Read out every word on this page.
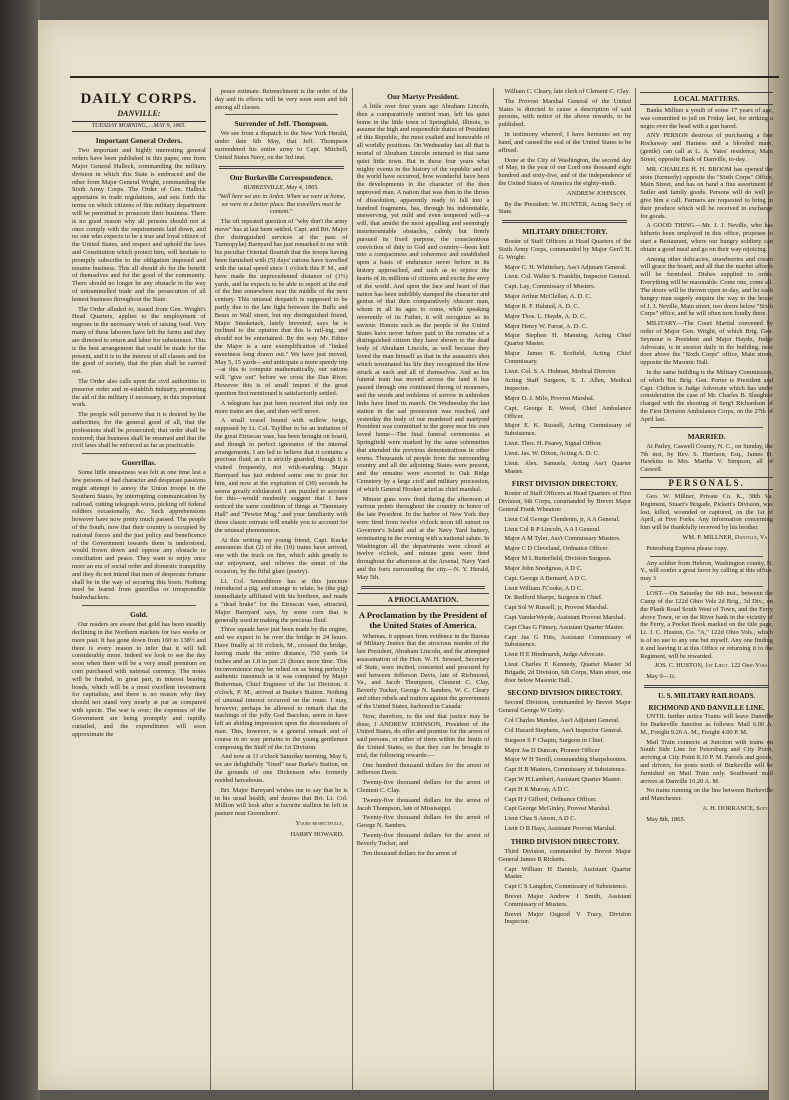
DAILY CORPS.
DANVILLE:
TUESDAY MORNING,....MAY 9, 1865.
Important General Orders.

Two important and highly interesting general orders have been published in this paper, one from Major General Halleck, commanding the military division in which this State is embraced and the other from Major General Wright, commanding the Sixth Army Corps. The Order of Gen. Halleck appertains to trade regulations, and sets forth the terms on which citizens of this military department will be permitted to prosecute their business. There is no good reason why all persons should not at once comply with the requirements laid down, and no one who expects to be a true and loyal citizen of the United States, and respect and uphold the laws and Constitution which protect him, will hesitate to promptly subscribe to the obligation imposed and resume business. This all should do for the benefit of themselves and for the good of the community. There should no longer be any obstacle in the way of untrammelled trade and the prosecution of all honest business throughout the State.

The Order alluded to, issued from Gen. Wright's Head Quarters, applies to the employment of negroes in the necessary work of raising food. Very many of these laborers have left the farms and they are directed to return and labor for subsistence. This is the best arrangement that could be made for the present, and it is to the interest of all classes and for the good of society, that the plan shall be carried out.

The Order also calls upon the civil authorities to preserve order and re-establish industry, promising the aid of the military if necessary, in this important work.

The people will perceive that it is desired by the authorities, for the general good of all, that the professions shall be prosecuted; that order shall be restored; that business shall be resumed and that the civil laws shall be enforced as far as practicable.

Guerrillas.

Some little uneasiness was felt at one time lest a few persons of bad character and desperate passions might attempt to annoy the Union troops in the Southern States, by interrupting communication by railroad, cutting telegraph wires, picking off federal soldiers occasionally, &c. Such apprehensions however have now pretty much passed. The people of the South, now that their country is occupied by national forces and the just policy and beneficence of the Government towards them is understood, would frown down and oppose any obstacle to conciliation and peace. They want to enjoy once more an era of social order and domestic tranquility and they do not intend that men of desperate fortune shall be in the way of securing this boon. Nothing need be feared from guerrillas or irresponsible bushwhackers.

Gold.

Our readers are aware that gold has been steadily declining in the Northern markets for two weeks or more past. It has gone down from 160 to 138½ and there is every reason to infer that it will fall considerably more. Indeed we look to see the day soon when there will be a very small premium on coin purchased with national currency. The notes will be funded, in great part, in interest bearing bonds, which will be a most excellent investment for capitalists, and there is no reason why they should not stand very nearly at par as compared with specie. The war is over; the expenses of the Government are being promptly and rapidly curtailed, and the expenditures will soon approximate the

peace estimate. Retrenchment is the order of the day and its effects will be very soon seen and felt among all classes.

Surrender of Jeff. Thompson.

We see from a dispatch to the New York Herald, under date 6th May, that Jeff. Thompson surrendered his entire army to Capt. Mitchell, United States Navy, on the 3rd inst.

Our Burkeville Correspondence.
BURKESVILLE, May 4, 1865.
"Well here we are in Arden. When we were at home, we were in a better place. But travellers must be content."

The oft repeated question of "why don't the army move" has at last been settled. Capt. and Brt. Major (for distinguished services at the pass of Turmopylæ) Barnyard has just remarked to me with his peculiar Oriental flourish that the troops having been furnished with (5) days' rations have travelled with the usual speed since 1 o'clock this P. M., and have made the unprecedented distance of (1½) yards, and he expects to be able to report at the end of the line somewhere near the middle of the next century. This unusual despatch is supposed to be partly due to the late fight between the Bulls and Bears in Wall street, but my distinguished friend, Major Smoketack, lately breveted, says he is inclined to the opinion that this is rail-ing, and should not be entertained. By the way Mr. Editor the Major is a rare exemplification of "linked sweetness long drawn out." We have just moved, May 5, 15 yards—and anticipate a more speedy trip—at this to compute mathematically, our rations will "give out" before we cross the Dan River. However this is of small import if the great question first mentioned is satisfactorily settled.

A telegram has just been received that only ten more trains are due, and then we'll move.

A small vessel bound with willow twigs, supposed by Lt. Col. Tayliber to be an imitation of the great Etruscan vase, has been brought on board, and though in perfect ignorance of the internal arrangements, I am led to believe that it contains a precious fluid, as it is strictly guarded, though it is visited frequently, not with-standing. Major Barnyard has just ordered some one to pour for him, and now at the expiration of (30) seconds he seems greatly exhilarated. I am puzzled to account for this—would modestly suggest that I have noticed the same condition of things at "Tammany Hall" and "Pewter Mug," and your familiarity with those classic retreats will enable you to account for the unusual phenomenon.

At this writing my young friend, Capt. Kucke announces that (2) of the (10) trains have arrived, one with the truck on fire, which adds greatly to our enjoyment, and relieves the ennui of the occasion, by the fitful glare (poetry).

Lt. Col. Smoothbore has at this juncture introduced a pig, and strange to relate, he (the pig) immediately affiliated with his brethren, and made a "dead brake" for the Etruscan vase, attracted, Major Barnyard says, by some corn that is generally used in making the precious fluid.

Three squads have just been made by the engine, and we expect to be over the bridge in 24 hours. Have finally at 10 o'clock, M., crossed the bridge, having made the entire distance, 750 yards 14 inches and an 1.8 in just 21 (hours more time. This inconvenience may be relied on as being perfectly authentic inasmuch as it was computed by Major Butterman, Chief Engineer of the 1st Division. 6 o'clock, P. M., arrived at Burke's Station. Nothing of unusual interest occurred on the route. I may, however, perhaps be allowed to remark that the teachings of the jolly God Bacchus, seem to have left an abiding impression upon the descendants of man. This, however, is a general remark and of course in no way pertains to the young gentlemen composing the Staff of the 1st Division.

And now at 11 o'clock Saturday morning, May 6, we are delightfully "fixed" near Burke's Station, on the grounds of one Dickenson who formerly resided hereabouts.

Brt. Major Barnyard wishes me to say that he is in his usual health, and desires that Brt. Lt. Col. Million will look after a favorite stallion he left in pasture near Greensboro'.

Yours respectfully,
HARRY HOWARD.
Our Martyr President.

A little over four years ago Abraham Lincoln, then a comparatively untried man, left his quiet home in the little town of Springfield, Illinois, to assume the high and responsible duties of President of this Republic, the most exalted and honorable of all worldly positions. On Wednesday last all that is mortal of Abraham Lincoln returned to that same quiet little town. But in those four years what mighty events in the history of the republic and of the world have occurred, how wonderful have been the developments in the character of the then unproved man. A nation that was then in the throes of dissolution, apparently ready to fall into a hundred fragments, has, through his indomitable, unswerving, yet mild and even tempered will—a will, that amidst the most appalling and seemingly insurmountable obstacles, calmly but firmly pursued its fixed purpose, the conscientious conviction of duty to God and country—been knit into a compactness and coherence and established upon a basis of endurance never before in its history approached, and such as to rejoice the hearts of its millions of citizens and excite the envy of the world. And upon the face and heart of that nation has been indelibly stamped the character and genius of that then comparatively obscure man, whom in all its ages to come, while speaking reverently of its Father, it will recognize as its saviour. Honors such as the people of the United States have never before paid to the remains of a distinguished citizen they have shown to the dead body of Abraham Lincoln, as well because they loved the man himself as that in the assassin's shot which terminated his life they recognized the blow struck at each and all of themselves. And as his funeral train has moved across the land it has passed through one continued throng of mourners, and the words and emblems of sorrow in unbroken links have lined its march. On Wednesday the last station in the sad procession was reached, and yesterday the body of our murdered and martyred President was committed to the grave near his own loved home—The final funeral ceremonies at Springfield were marked by the same solemnities that attended the previous demonstrations in other towns. Thousands of people from the surrounding country and all the adjoining States were present, and the remains were escorted to Oak Ridge Cemetery by a large civil and military procession, of which General Hooker acted as chief marshal.

Minute guns were fired during the afternoon at various points throughout the country in honor of the late President. In the harbor of New York they were fired from twelve o'clock noon till sunset on Governor's Island and at the Navy Yard battery, terminating in the evening with a national salute. In Washington all the departments were closed at twelve o'clock, and minute guns were fired throughout the afternoon at the Arsenal, Navy Yard and the forts surrounding the city.—N. Y. Herald, May 5th.

A PROCLAMATION.
A Proclamation by the President of the United States of America.

Whereas, it appears from evidence in the Bureau of Military Justice that the atrocious murder of the late President, Abraham Lincoln, and the attempted assassination of the Hon. W. H. Seward, Secretary of State, were incited, concerted and procured by and between Jefferson Davis, late of Richmond, Va., and Jacob Thompson, Clement C. Clay, Beverly Tucker, George N. Sanders, W. C. Cleary and other rebels and traitors against the government of the United States, harbored in Canada:

Now, therefore, to the end that justice may be done, I ANDREW JOHNSON, President of the United States, do offer and promise for the arrest of said persons, or either of them within the limits of the United States, so that they can be brought to trial, the following rewards:—

One hundred thousand dollars for the arrest of Jefferson Davis.

Twenty-five thousand dollars for the arrest of Clement C. Clay.

Twenty-five thousand dollars for the arrest of Jacob Thompson, late of Mississippi.

Twenty-five thousand dollars for the arrest of George N. Sanders.

Twenty-five thousand dollars for the arrest of Beverly Tucker, and

Ten thousand dollars for the arrest of

William C. Cleary, late clerk of Clement C. Clay.

The Provost Marshal General of the United States is directed to cause a description of said persons, with notice of the above rewards, to be published.

In testimony whereof, I have hereunto set my hand, and caused the seal of the United States to be affixed.

Done at the City of Washington, the second day of May, in the year of our Lord one thousand eight hundred and sixty-five, and of the independence of the United States of America the eighty-ninth.

ANDREW JOHNSON.

By the President: W. HUNTER, Acting Sec'y of State.

MILITARY DIRECTORY.

Roster of Staff Officers at Head Quarters of the Sixth Army Corps, commanded by Major Gen'l H. G. Wright:

Major C. H. Whittelsey, Ass't Adjutant General.

Lieut. Col. Walter S. Franklin, Inspector General.

Capt. Lay, Commissary of Musters.

Major Arthur McClellan, A. D. C.

Major R. F. Halsted, A. D. C.

Major Thos. L. Haydn, A. D. C.

Major Henry W. Farrar, A. D. C.

Major Stephen H. Manning, Acting Chief Quarter Master.

Major James K. Scofield, Acting Chief Commissary.

Lieut. Col. S. A. Holman, Medical Director.

Acting Staff Surgeon, S. J. Allen, Medical Inspector.

Major D. J. Milo, Provost Marshal.

Capt. George E. Wood, Chief Ambulance Officer.

Major E. K. Russell, Acting Commissary of Subsistence.

Lieut. Thos. H. Fearey, Signal Officer.

Lieut. Jas. W. Dixon, Acting A. D. C.

Lieut. Alex. Samuels, Acting Ass't Quarter Master.

FIRST DIVISION DIRECTORY.

Roster of Staff Officers at Head Quarters of First Division, 6th Corps, commanded by Brevet Major General Frank Wheaton:

Lieut Col George Clendenin, jr, A A General.

Lieut Col R P Lincoln, A A I General.

Major A M Tyler, Ass't Commissary Musters.

Major C D Cleveland, Ordnance Officer.

Major M L Butterfield, Division Surgeon.

Major John Snodgrass, A D C.

Capt. George A Bernard, A D C.

Lieut William J'Cooke, A D C.

Dr. Redford Sharpe, Surgeon in Chief.

Capt Sol W Russell, jr, Provost Marshal.

Capt VanderWeyde, Assistant Provost Marshal.

Capt Chas G Finney, Assistant Quarter Master.

Capt Jas G Fitts, Assistant Commissary of Subsistence.

Lieut H E Hindmarsh, Judge Advocate.

Lieut Charles F. Kennedy, Quarter Master 3d Brigade, 2d Division, 6th Corps, Main street, one door below Masonic Hall.

SECOND DIVISION DIRECTORY.

Second Division, commanded by Brevet Major General George W Getty:

Col Charles Mundee, Ass't Adjutant General.

Col Hazard Stephens, Ass't Inspector General.

Surgeon S F Chapin, Surgeon in Chief.

Major Jas D Duncan, Pioneer Officer

Major W H Terrill, commanding Sharpshooters.

Capt H B Masters, Commissary of Subsistence.

Capt W H Lambert, Assistant Quarter Master.

Capt H R Murray, A D C.

Capt H J Gifford, Ordnance Officer.

Capt George McGinley, Provost Marshal.

Lieut Chas S Anson, A D C.

Lieut O B Hays, Assistant Provost Marshal.

THIRD DIVISION DIRECTORY.

Third Division, commanded by Brevet Major General James B Ricketts.

Capt William H Daniels, Assistant Quarter Master.

Capt C S Langdon, Commissary of Subsistence.

Brevet Major Andrew J Smith, Assistant Commissary of Musters.

Brevet Major Osgood V Tracy, Division Inspector.

LOCAL MATTERS.

Banks Millner a youth of some 17 years of age, was committed to jail on Friday last, for striking a negro over the head with a gun barrel.

ANY PERSON desirous of purchasing a fine Rockaway and Harness and a blooded mare, (gentle) can call at L. A. Yates' residence, Main Street, opposite Bank of Danville, to-day.

MR. CHARLES H. H. BROOM has opened the store (formerly) opposite the "Sixth Corps" Office, Main Street, and has on hand a fine assortment of Sutler and family goods. Persons will do well to give him a call. Farmers are requested to bring in their produce which will be received in exchange for goods.

A GOOD THING.—Mr. J. J. Neville, who has hitherto been employed in this office, proposes to start a Restaurant, where our hungry soldiery can obtain a good meal and go on their way rejoicing.

Among other delicacies, strawberries and cream will grace the board, and all that the market affords will be furnished. Dishes supplied to order. Everything will be reasonable. Come one, come all. The doors will be thrown open to-day, and let each hungry man eagerly enquire the way to the house of J. J. Neville, Main street, two doors below "Sixth Corps" office, and he will often turn fondly there.

MILITARY.—The Court Martial convened by order of Major Gen. Wright, of which Brig. Gen. Seymour is President and Major Haydn, Judge Advocate, is in session daily in the building, next door above the "Sixth Corps" office, Main street, opposite the Masonic Hall.

In the same building is the Military Commission, of which Brt. Brig. Gen. Porter is President and Capt. Chilton is Judge Advocate which has under consideration the case of Mr. Charles B. Slaughter charged with the shooting of Serg't Richardson of the First Division Ambulance Corps, on the 27th of April last.

MARRIED.

At Parley, Caswell County, N. C., on Sunday, the 7th inst, by Rev. S. Harrison, Esq., James H. Hawkins to Mrs. Martha V. Simpson, all of Caswell.

PERSONALS.

Geo. W. Millner, Private Co. K., 38th Va. Regiment, Stuart's Brigade, Pickett's Division, was lost, killed, wounded or captured, on the 1st of April, at Five Forks. Any information concerning him will be thankfully received by his brother.

WM. P. MILLNER, Danville, Va.

Petersburg Express please copy.

Any soldier from Hebron, Washington county, N. Y., will confer a great favor by calling at this office. may 3

LOST.—On Saturday the 6th inst., between the Camp of the 122d Ohio Vols 2d Brig., 3d Div., on the Plank Road South West of Town, and the Ferry above Town, or on the River bank in the vicinity of the Ferry, a Pocket Book marked on the title page, Lt. J. C. Huston, Co. "A," 122d Ohio Vols., which is of no use to any one but myself. Any one finding it and leaving it at this Office or returning it to the Regiment, will be rewarded.

JOS. C. HUSTON, 1st Lieut. 122 Ohio Vols.

May 9—1t.

U. S. MILITARY RAILROADS.
RICHMOND AND DANVILLE LINE.

UNTIL further notice Trains will leave Danville for Burkeville Junction as follows: Mail 6.00 A. M., Freight 9.20 A. M., Freight 4.00 P. M.

Mail Train connects at Junction with trains on South Side Line for Petersburg and City Point, arriving at City Point 8.10 P. M. Parcels and goods, and drivers, for posts north of Burkeville will be furnished on Mail Train only. Southward mail arrives at Danville 10.20 A. M.

No trains running on the line between Burkeville and Manchester.

A. H. DORRANCE, Supt.

May 8th, 1865.
